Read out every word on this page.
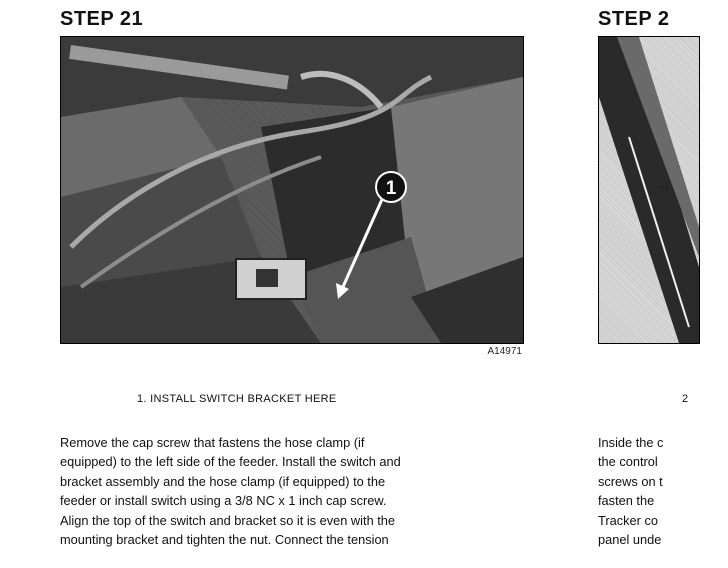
STEP 21
1
A14971
1. INSTALL SWITCH BRACKET HERE
Remove the cap screw that fastens the hose clamp (if
equipped) to the left side of the feeder. Install the switch and
bracket assembly and the hose clamp (if equipped) to the
feeder or install switch using a 3/8 NC x 1 inch cap screw.
Align the top of the switch and bracket so it is even with the
mounting bracket and tighten the nut. Connect the tension
STEP 2
2
Inside the c
the control
screws on t
fasten the
Tracker co
panel unde
